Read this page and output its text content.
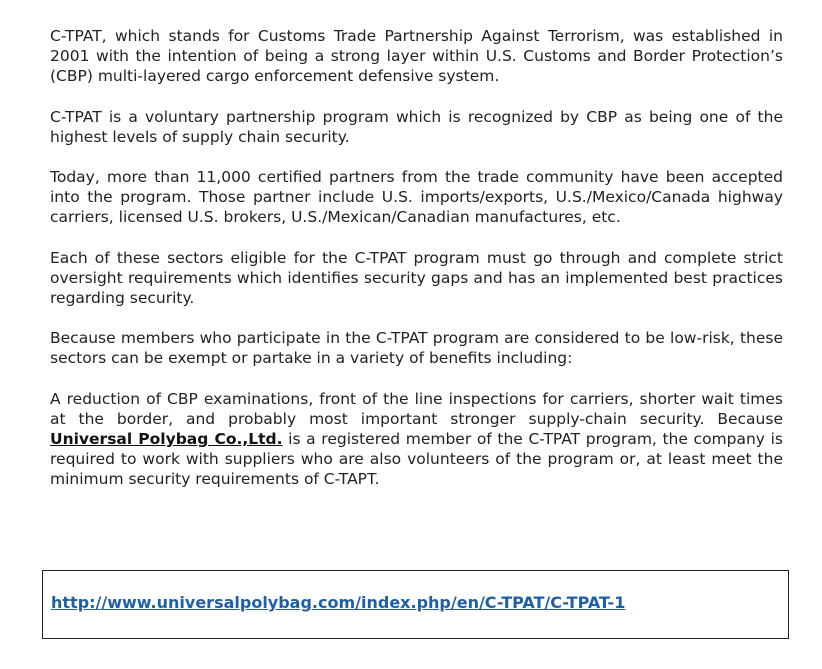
C-TPAT, which stands for Customs Trade Partnership Against Terrorism, was established in 2001 with the intention of being a strong layer within U.S. Customs and Border Protection’s (CBP) multi-layered cargo enforcement defensive system.

C-TPAT is a voluntary partnership program which is recognized by CBP as being one of the highest levels of supply chain security.

Today, more than 11,000 certified partners from the trade community have been accepted into the program. Those partner include U.S. imports/exports, U.S./Mexico/Canada highway carriers, licensed U.S. brokers, U.S./Mexican/Canadian manufactures, etc.

Each of these sectors eligible for the C-TPAT program must go through and complete strict oversight requirements which identifies security gaps and has an implemented best practices regarding security.

Because members who participate in the C-TPAT program are considered to be low-risk, these sectors can be exempt or partake in a variety of benefits including:

A reduction of CBP examinations, front of the line inspections for carriers, shorter wait times at the border, and probably most important stronger supply-chain security. Because Universal Polybag Co.,Ltd. is a registered member of the C-TPAT program, the company is required to work with suppliers who are also volunteers of the program or, at least meet the minimum security requirements of C-TAPT.

http://www.universalpolybag.com/index.php/en/C-TPAT/C-TPAT-1
